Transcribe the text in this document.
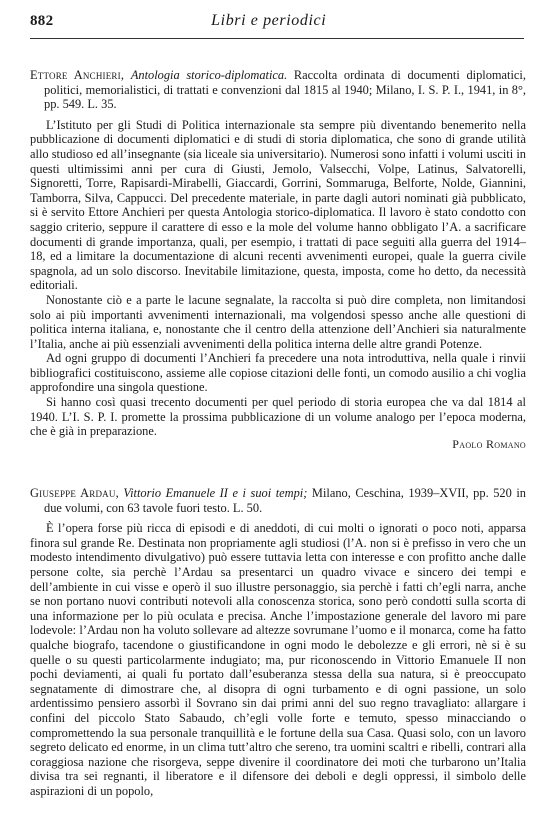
882	Libri e periodici
Ettore Anchieri, Antologia storico-diplomatica. Raccolta ordinata di documenti diplomatici, politici, memorialistici, di trattati e convenzioni dal 1815 al 1940; Milano, I. S. P. I., 1941, in 8°, pp. 549. L. 35.

L’Istituto per gli Studi di Politica internazionale sta sempre più diventando benemerito nella pubblicazione di documenti diplomatici e di studi di storia diplomatica, che sono di grande utilità allo studioso ed all’insegnante (sia liceale sia universitario). Numerosi sono infatti i volumi usciti in questi ultimissimi anni per cura di Giusti, Jemolo, Valsecchi, Volpe, Latinus, Salvatorelli, Signoretti, Torre, Rapisardi-Mirabelli, Giaccardi, Gorrini, Sommaruga, Belforte, Nolde, Giannini, Tamborra, Silva, Cappucci. Del precedente materiale, in parte dagli autori nominati già pubblicato, si è servito Ettore Anchieri per questa Antologia storico-diplomatica. Il lavoro è stato condotto con saggio criterio, seppure il carattere di esso e la mole del volume hanno obbligato l’A. a sacrificare documenti di grande importanza, quali, per esempio, i trattati di pace seguiti alla guerra del 1914–18, ed a limitare la documentazione di alcuni recenti avvenimenti europei, quale la guerra civile spagnola, ad un solo discorso. Inevitabile limitazione, questa, imposta, come ho detto, da necessità editoriali.

Nonostante ciò e a parte le lacune segnalate, la raccolta si può dire completa, non limitandosi solo ai più importanti avvenimenti internazionali, ma volgendosi spesso anche alle questioni di politica interna italiana, e, nonostante che il centro della attenzione dell’Anchieri sia naturalmente l’Italia, anche ai più essenziali avvenimenti della politica interna delle altre grandi Potenze.

Ad ogni gruppo di documenti l’Anchieri fa precedere una nota introduttiva, nella quale i rinvii bibliografici costituiscono, assieme alle copiose citazioni delle fonti, un comodo ausilio a chi voglia approfondire una singola questione.

Si hanno così quasi trecento documenti per quel periodo di storia europea che va dal 1814 al 1940. L’I. S. P. I. promette la prossima pubblicazione di un volume analogo per l’epoca moderna, che è già in preparazione.

Paolo Romano
Giuseppe Ardau, Vittorio Emanuele II e i suoi tempi; Milano, Ceschina, 1939–XVII, pp. 520 in due volumi, con 63 tavole fuori testo. L. 50.

È l’opera forse più ricca di episodi e di aneddoti, di cui molti o ignorati o poco noti, apparsa finora sul grande Re. Destinata non propriamente agli studiosi (l’A. non si è prefisso in vero che un modesto intendimento divulgativo) può essere tuttavia letta con interesse e con profitto anche dalle persone colte, sia perchè l’Ardau sa presentarci un quadro vivace e sincero dei tempi e dell’ambiente in cui visse e operò il suo illustre personaggio, sia perchè i fatti ch’egli narra, anche se non portano nuovi contributi notevoli alla conoscenza storica, sono però condotti sulla scorta di una informazione per lo più oculata e precisa. Anche l’impostazione generale del lavoro mi pare lodevole: l’Ardau non ha voluto sollevare ad altezze sovrumane l’uomo e il monarca, come ha fatto qualche biografo, tacendone o giustificandone in ogni modo le debolezze e gli errori, nè si è su quelle o su questi particolarmente indugiato; ma, pur riconoscendo in Vittorio Emanuele II non pochi deviamenti, ai quali fu portato dall’esuberanza stessa della sua natura, si è preoccupato segnatamente di dimostrare che, al disopra di ogni turbamento e di ogni passione, un solo ardentissimo pensiero assorbì il Sovrano sin dai primi anni del suo regno travagliato: allargare i confini del piccolo Stato Sabaudo, ch’egli volle forte e temuto, spesso minacciando o compromettendo la sua personale tranquillità e le fortune della sua Casa. Quasi solo, con un lavoro segreto delicato ed enorme, in un clima tutt’altro che sereno, tra uomini scaltri e ribelli, contrari alla coraggiosa nazione che risorgeva, seppe divenire il coordinatore dei moti che turbarono un’Italia divisa tra sei regnanti, il liberatore e il difensore dei deboli e degli oppressi, il simbolo delle aspirazioni di un popolo,
